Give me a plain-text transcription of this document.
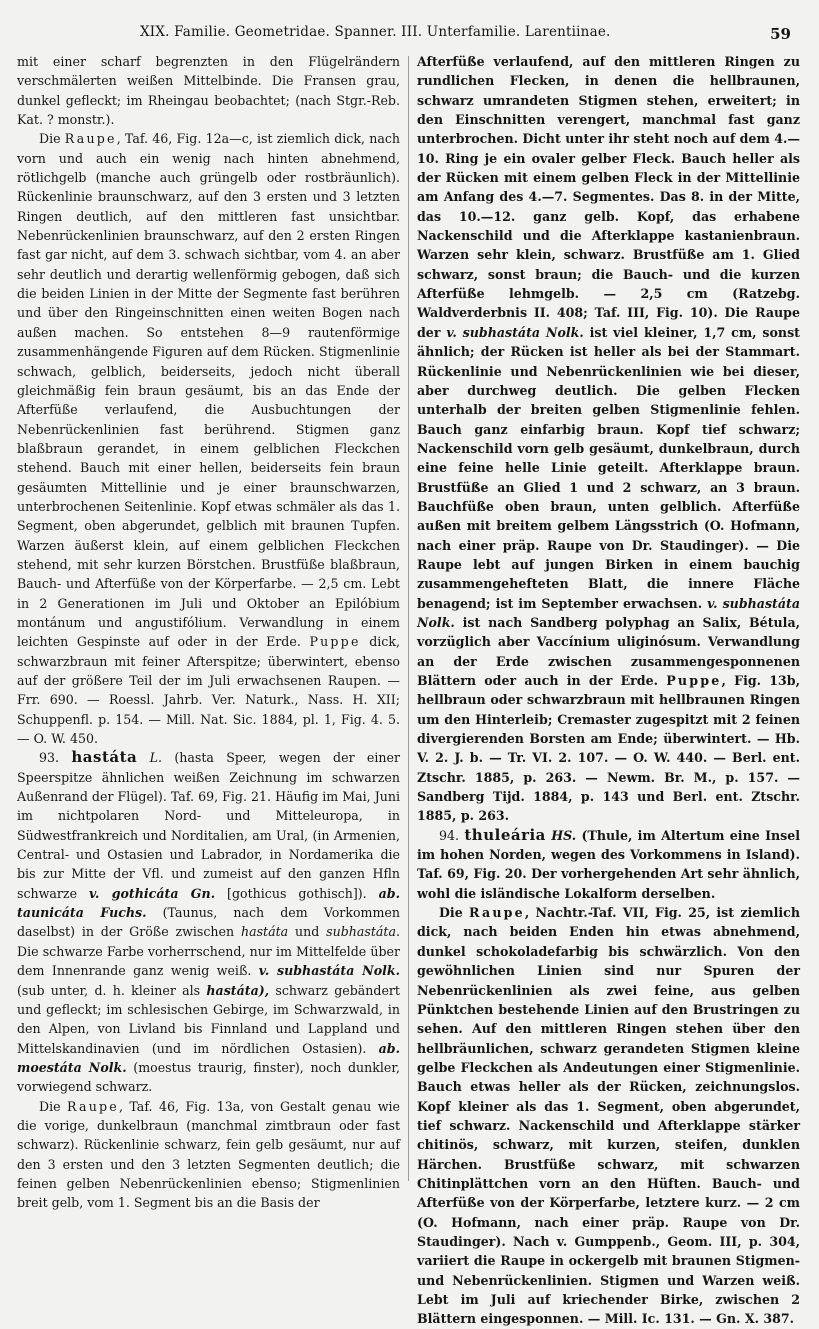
XIX. Familie. Geometridae. Spanner. III. Unterfamilie. Larentiinae.	59

mit einer scharf begrenzten in den Flügelrändern verschmälerten weißen Mittelbinde. Die Fransen grau, dunkel gefleckt; im Rheingau beobachtet; (nach Stgr.-Reb. Kat. ? monstr.).

Die Raupe, Taf. 46, Fig. 12a—c, ist ziemlich dick, nach vorn und auch ein wenig nach hinten abnehmend, rötlichgelb (manche auch grüngelb oder rostbräunlich). Rückenlinie braunschwarz, auf den 3 ersten und 3 letzten Ringen deutlich, auf den mittleren fast unsichtbar. Nebenrückenlinien braunschwarz, auf den 2 ersten Ringen fast gar nicht, auf dem 3. schwach sichtbar, vom 4. an aber sehr deutlich und derartig wellenförmig gebogen, daß sich die beiden Linien in der Mitte der Segmente fast berühren und über den Ringeinschnitten einen weiten Bogen nach außen machen. So entstehen 8—9 rautenförmige zusammenhängende Figuren auf dem Rücken. Stigmenlinie schwach, gelblich, beiderseits, jedoch nicht überall gleichmäßig fein braun gesäumt, bis an das Ende der Afterfüße verlaufend, die Ausbuchtungen der Nebenrückenlinien fast berührend. Stigmen ganz blaßbraun gerandet, in einem gelblichen Fleckchen stehend. Bauch mit einer hellen, beiderseits fein braun gesäumten Mittellinie und je einer braunschwarzen, unterbrochenen Seitenlinie. Kopf etwas schmäler als das 1. Segment, oben abgerundet, gelblich mit braunen Tupfen. Warzen äußerst klein, auf einem gelblichen Fleckchen stehend, mit sehr kurzen Börstchen. Brustfüße blaßbraun, Bauch- und Afterfüße von der Körperfarbe. — 2,5 cm. Lebt in 2 Generationen im Juli und Oktober an Epilóbium montánum und angustifólium. Verwandlung in einem leichten Gespinste auf oder in der Erde. Puppe dick, schwarzbraun mit feiner Afterspitze; überwintert, ebenso auf der größere Teil der im Juli erwachsenen Raupen. — Frr. 690. — Roessl. Jahrb. Ver. Naturk., Nass. H. XII; Schuppenfl. p. 154. — Mill. Nat. Sic. 1884, pl. 1, Fig. 4. 5. — O. W. 450.

93. hastáta L. (hasta Speer, wegen der einer Speerspitze ähnlichen weißen Zeichnung im schwarzen Außenrand der Flügel). Taf. 69, Fig. 21. Häufig im Mai, Juni im nichtpolaren Nord- und Mitteleuropa, in Südwestfrankreich und Norditalien, am Ural, (in Armenien, Central- und Ostasien und Labrador, in Nordamerika die bis zur Mitte der Vfl. und zumeist auf den ganzen Hfln schwarze v. gothicáta Gn. [gothicus gothisch]). ab. taunicáta Fuchs. (Taunus, nach dem Vorkommen daselbst) in der Größe zwischen hastáta und subhastáta. Die schwarze Farbe vorherrschend, nur im Mittelfelde über dem Innenrande ganz wenig weiß. v. subhastáta Nolk. (sub unter, d. h. kleiner als hastáta), schwarz gebändert und gefleckt; im schlesischen Gebirge, im Schwarzwald, in den Alpen, von Livland bis Finnland und Lappland und Mittelskandinavien (und im nördlichen Ostasien). ab. moestáta Nolk. (moestus traurig, finster), noch dunkler, vorwiegend schwarz.

Die Raupe, Taf. 46, Fig. 13a, von Gestalt genau wie die vorige, dunkelbraun (manchmal zimtbraun oder fast schwarz). Rückenlinie schwarz, fein gelb gesäumt, nur auf den 3 ersten und den 3 letzten Segmenten deutlich; die feinen gelben Nebenrückenlinien ebenso; Stigmenlinien breit gelb, vom 1. Segment bis an die Basis der

Afterfüße verlaufend, auf den mittleren Ringen zu rundlichen Flecken, in denen die hellbraunen, schwarz umrandeten Stigmen stehen, erweitert; in den Einschnitten verengert, manchmal fast ganz unterbrochen. Dicht unter ihr steht noch auf dem 4.—10. Ring je ein ovaler gelber Fleck. Bauch heller als der Rücken mit einem gelben Fleck in der Mittellinie am Anfang des 4.—7. Segmentes. Das 8. in der Mitte, das 10.—12. ganz gelb. Kopf, das erhabene Nackenschild und die Afterklappe kastanienbraun. Warzen sehr klein, schwarz. Brustfüße am 1. Glied schwarz, sonst braun; die Bauch- und die kurzen Afterfüße lehmgelb. — 2,5 cm (Ratzebg. Waldverderbnis II. 408; Taf. III, Fig. 10). Die Raupe der v. subhastáta Nolk. ist viel kleiner, 1,7 cm, sonst ähnlich; der Rücken ist heller als bei der Stammart. Rückenlinie und Nebenrückenlinien wie bei dieser, aber durchweg deutlich. Die gelben Flecken unterhalb der breiten gelben Stigmenlinie fehlen. Bauch ganz einfarbig braun. Kopf tief schwarz; Nackenschild vorn gelb gesäumt, dunkelbraun, durch eine feine helle Linie geteilt. Afterklappe braun. Brustfüße an Glied 1 und 2 schwarz, an 3 braun. Bauchfüße oben braun, unten gelblich. Afterfüße außen mit breitem gelbem Längsstrich (O. Hofmann, nach einer präp. Raupe von Dr. Staudinger). — Die Raupe lebt auf jungen Birken in einem bauchig zusammengehefteten Blatt, die innere Fläche benagend; ist im September erwachsen. v. subhastáta Nolk. ist nach Sandberg polyphag an Salix, Bétula, vorzüglich aber Vaccínium uliginósum. Verwandlung an der Erde zwischen zusammengesponnenen Blättern oder auch in der Erde. Puppe, Fig. 13b, hellbraun oder schwarzbraun mit hellbraunen Ringen um den Hinterleib; Cremaster zugespitzt mit 2 feinen divergierenden Borsten am Ende; überwintert. — Hb. V. 2. J. b. — Tr. VI. 2. 107. — O. W. 440. — Berl. ent. Ztschr. 1885, p. 263. — Newm. Br. M., p. 157. — Sandberg Tijd. 1884, p. 143 und Berl. ent. Ztschr. 1885, p. 263.

94. thuleária HS. (Thule, im Altertum eine Insel im hohen Norden, wegen des Vorkommens in Island). Taf. 69, Fig. 20. Der vorhergehenden Art sehr ähnlich, wohl die isländische Lokalform derselben.

Die Raupe, Nachtr.-Taf. VII, Fig. 25, ist ziemlich dick, nach beiden Enden hin etwas abnehmend, dunkel schokoladefarbig bis schwärzlich. Von den gewöhnlichen Linien sind nur Spuren der Nebenrückenlinien als zwei feine, aus gelben Pünktchen bestehende Linien auf den Brustringen zu sehen. Auf den mittleren Ringen stehen über den hellbräunlichen, schwarz gerandeten Stigmen kleine gelbe Fleckchen als Andeutungen einer Stigmenlinie. Bauch etwas heller als der Rücken, zeichnungslos. Kopf kleiner als das 1. Segment, oben abgerundet, tief schwarz. Nackenschild und Afterklappe stärker chitinös, schwarz, mit kurzen, steifen, dunklen Härchen. Brustfüße schwarz, mit schwarzen Chitinplättchen vorn an den Hüften. Bauch- und Afterfüße von der Körperfarbe, letztere kurz. — 2 cm (O. Hofmann, nach einer präp. Raupe von Dr. Staudinger). Nach v. Gumppenb., Geom. III, p. 304, variiert die Raupe in ockergelb mit braunen Stigmen- und Nebenrückenlinien. Stigmen und Warzen weiß. Lebt im Juli auf kriechender Birke, zwischen 2 Blättern eingesponnen. — Mill. Ic. 131. — Gn. X. 387.
